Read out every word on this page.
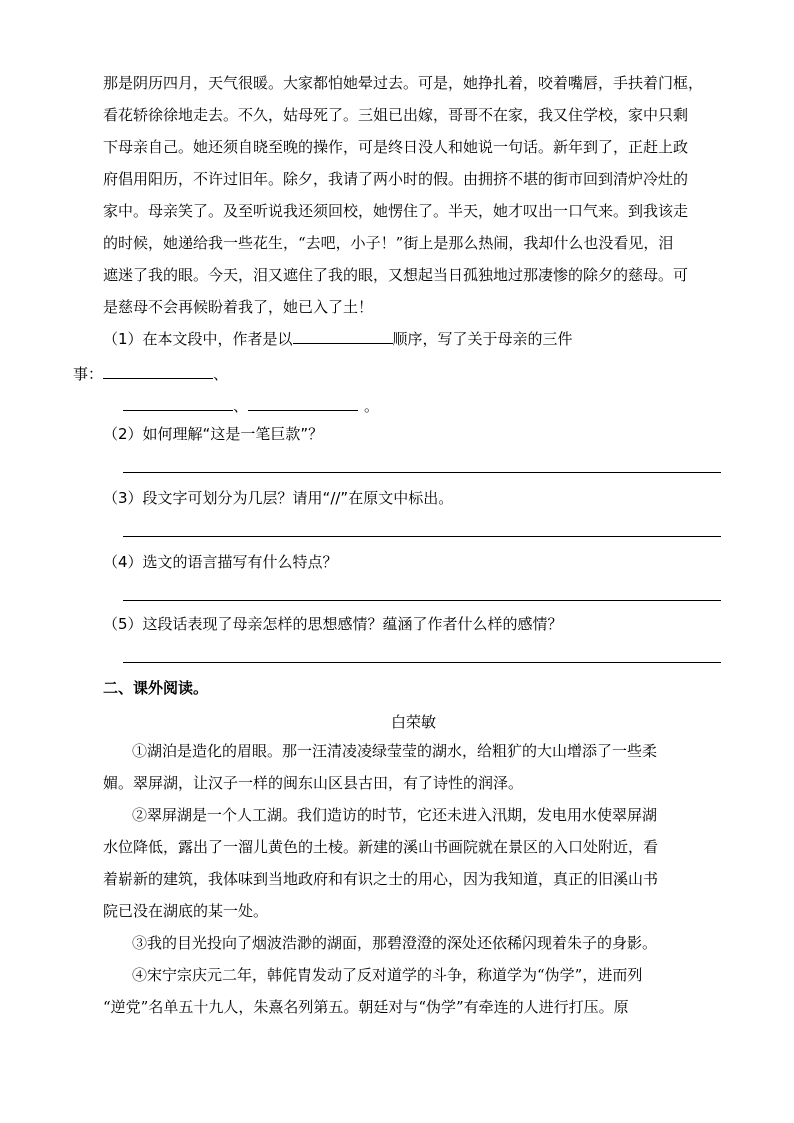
那是阴历四月，天气很暖。大家都怕她晕过去。可是，她挣扎着，咬着嘴唇，手扶着门框，
看花轿徐徐地走去。不久，姑母死了。三姐已出嫁，哥哥不在家，我又住学校，家中只剩
下母亲自己。她还须自晓至晚的操作，可是终日没人和她说一句话。新年到了，正赶上政
府倡用阳历，不许过旧年。除夕，我请了两小时的假。由拥挤不堪的街市回到清炉冷灶的
家中。母亲笑了。及至听说我还须回校，她愣住了。半天，她才叹出一口气来。到我该走
的时候，她递给我一些花生，“去吧，小子！”街上是那么热闹，我却什么也没看见，泪
遮迷了我的眼。今天，泪又遮住了我的眼，又想起当日孤独地过那凄惨的除夕的慈母。可
是慈母不会再候盼着我了，她已入了土！
（1）在本文段中，作者是以	顺序，写了关于母亲的三件
事：	、
、	。
（2）如何理解“这是一笔巨款”？
（3）段文字可划分为几层？请用“//”在原文中标出。
（4）选文的语言描写有什么特点？
（5）这段话表现了母亲怎样的思想感情？蕴涵了作者什么样的感情？
二、课外阅读。
白荣敏
①湖泊是造化的眉眼。那一汪清凌凌绿莹莹的湖水，给粗犷的大山增添了一些柔
媚。翠屏湖，让汉子一样的闽东山区县古田，有了诗性的润泽。
②翠屏湖是一个人工湖。我们造访的时节，它还未进入汛期，发电用水使翠屏湖
水位降低，露出了一溜儿黄色的土棱。新建的溪山书画院就在景区的入口处附近，看
着崭新的建筑，我体味到当地政府和有识之士的用心，因为我知道，真正的旧溪山书
院已没在湖底的某一处。
③我的目光投向了烟波浩渺的湖面，那碧澄澄的深处还依稀闪现着朱子的身影。
④宋宁宗庆元二年，韩侂胄发动了反对道学的斗争，称道学为“伪学”，进而列
“逆党”名单五十九人，朱熹名列第五。朝廷对与“伪学”有牵连的人进行打压。原
